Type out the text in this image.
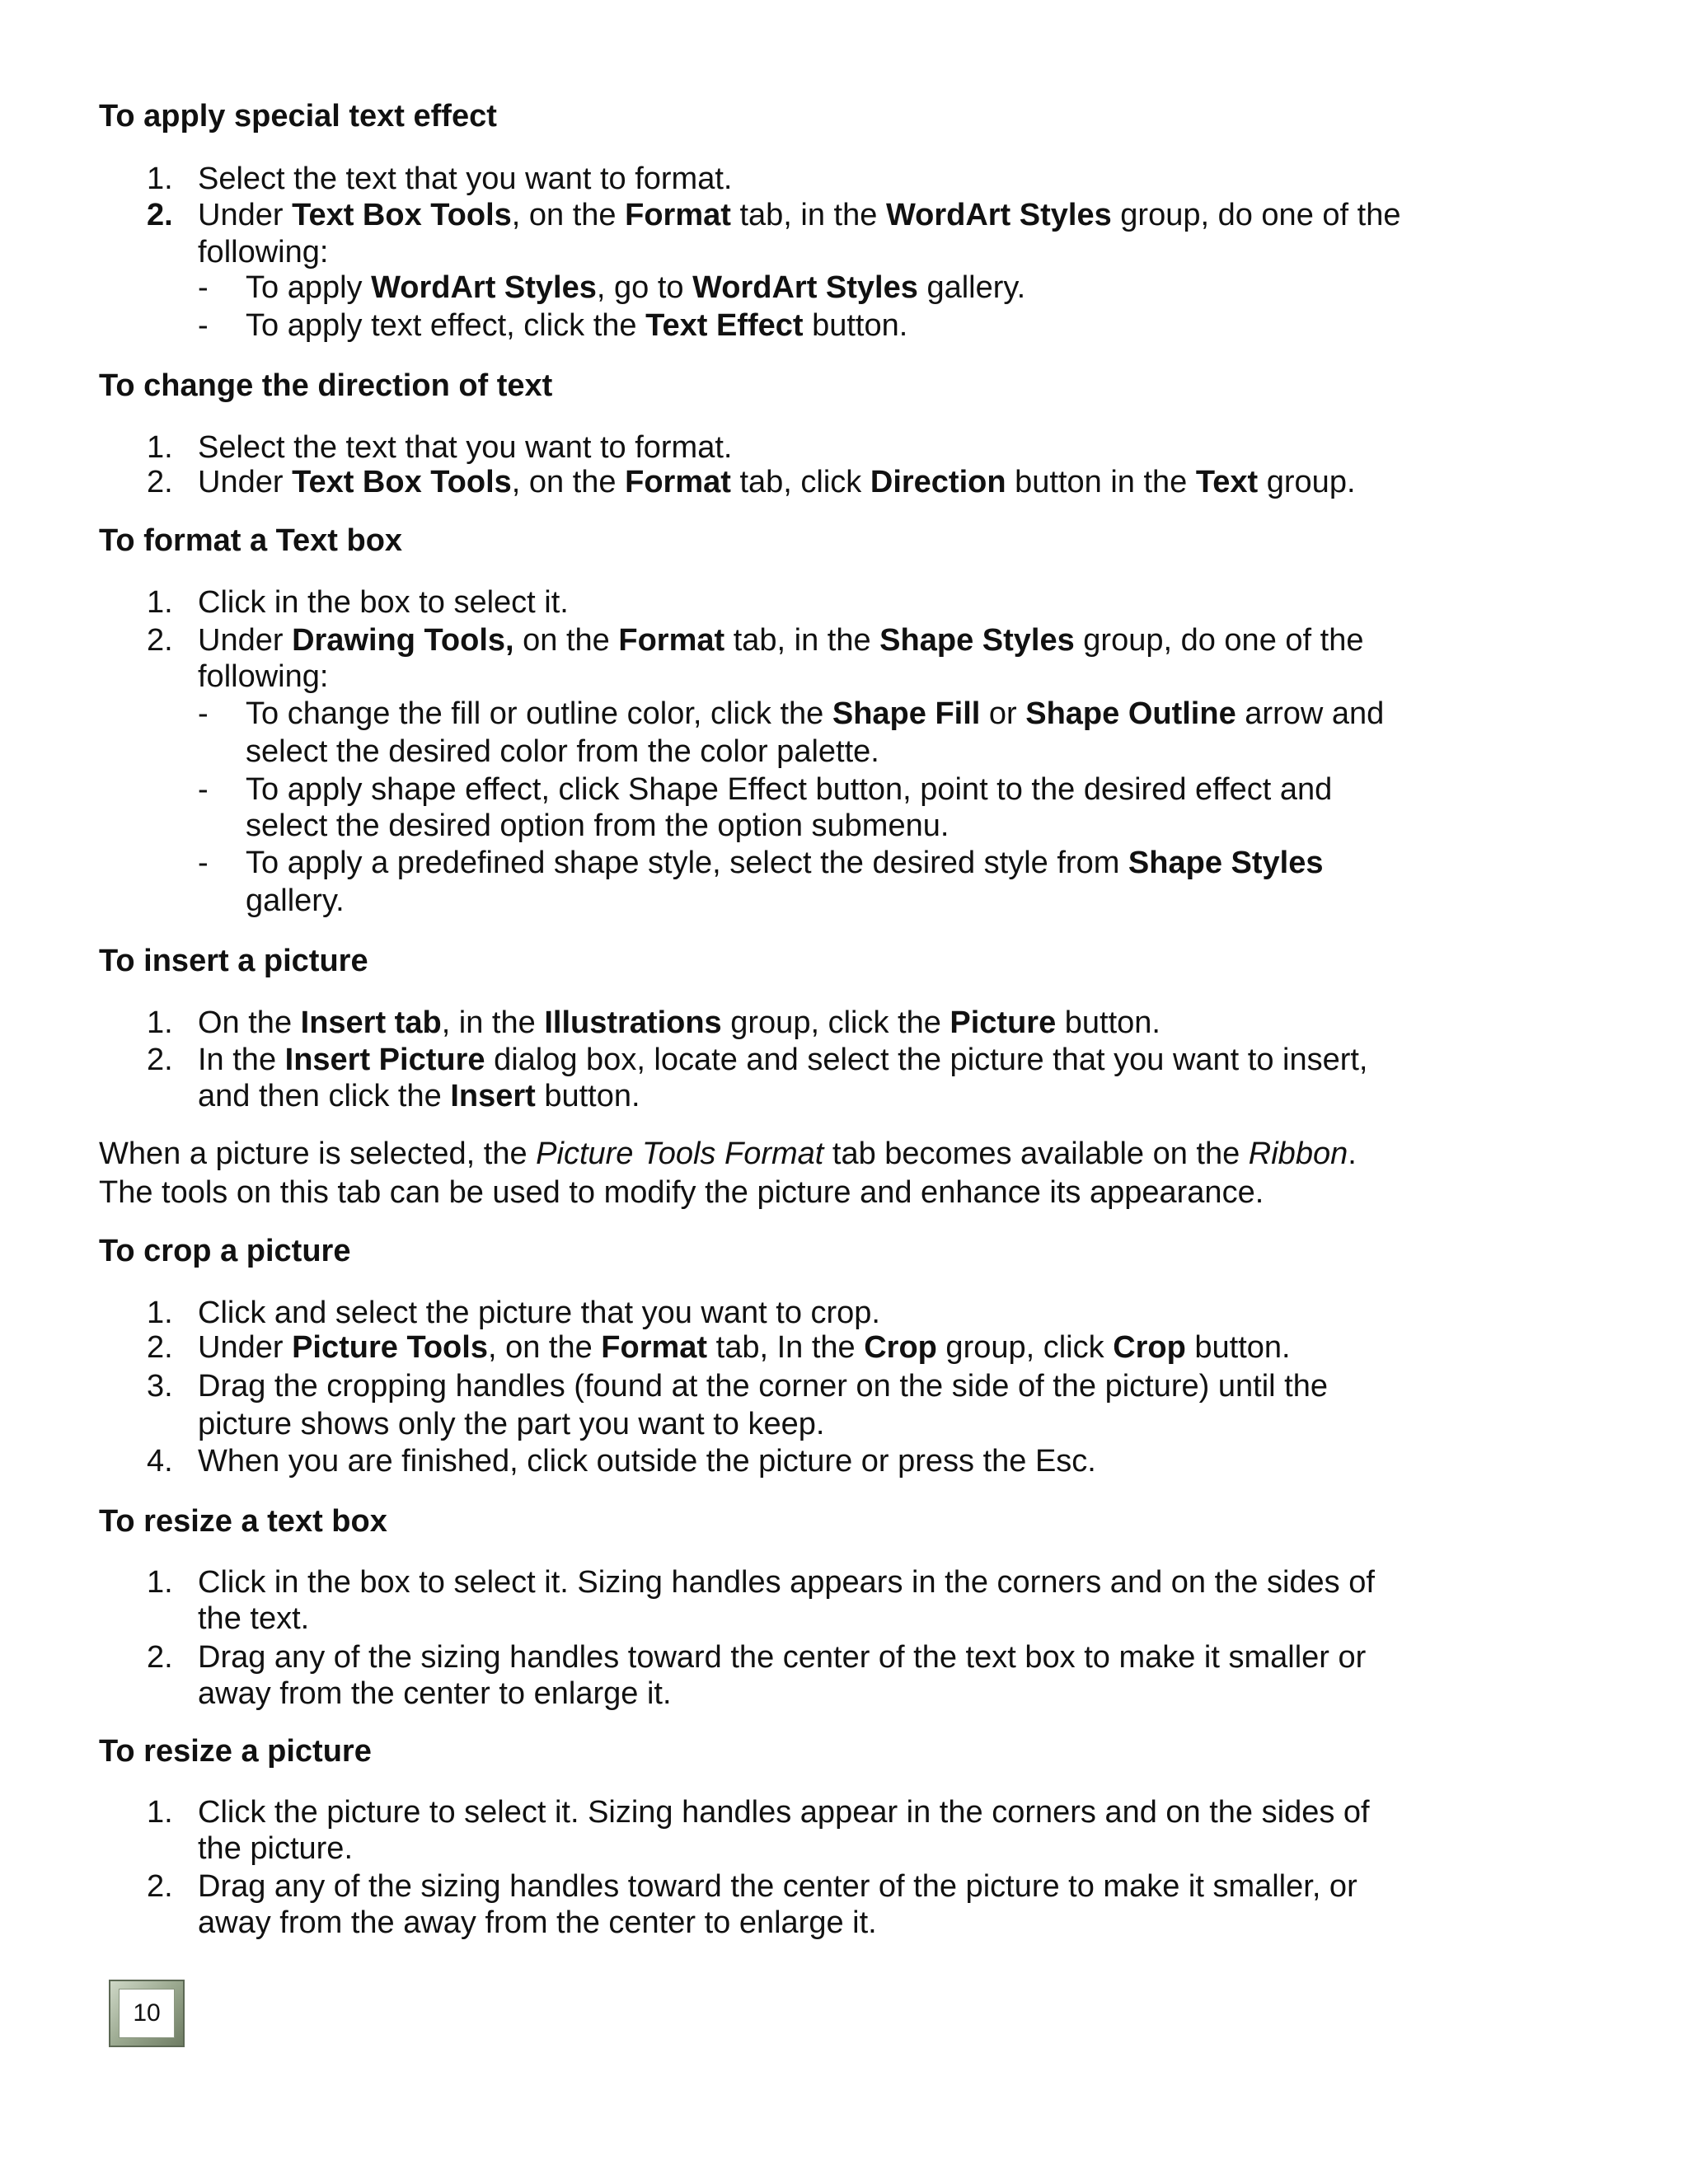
To apply special text effect
1. Select the text that you want to format.
2. Under Text Box Tools, on the Format tab, in the WordArt Styles group, do one of the
following:
- To apply WordArt Styles, go to WordArt Styles gallery.
- To apply text effect, click the Text Effect button.
To change the direction of text
1. Select the text that you want to format.
2. Under Text Box Tools, on the Format tab, click Direction button in the Text group.
To format a Text box
1. Click in the box to select it.
2. Under Drawing Tools, on the Format tab, in the Shape Styles group, do one of the
following:
- To change the fill or outline color, click the Shape Fill or Shape Outline arrow and
select the desired color from the color palette.
- To apply shape effect, click Shape Effect button, point to the desired effect and
select the desired option from the option submenu.
- To apply a predefined shape style, select the desired style from Shape Styles
gallery.
To insert a picture
1. On the Insert tab, in the Illustrations group, click the Picture button.
2. In the Insert Picture dialog box, locate and select the picture that you want to insert,
and then click the Insert button.
When a picture is selected, the Picture Tools Format tab becomes available on the Ribbon.
The tools on this tab can be used to modify the picture and enhance its appearance.
To crop a picture
1. Click and select the picture that you want to crop.
2. Under Picture Tools, on the Format tab, In the Crop group, click Crop button.
3. Drag the cropping handles (found at the corner on the side of the picture) until the
picture shows only the part you want to keep.
4. When you are finished, click outside the picture or press the Esc.
To resize a text box
1. Click in the box to select it. Sizing handles appears in the corners and on the sides of
the text.
2. Drag any of the sizing handles toward the center of the text box to make it smaller or
away from the center to enlarge it.
To resize a picture
1. Click the picture to select it. Sizing handles appear in the corners and on the sides of
the picture.
2. Drag any of the sizing handles toward the center of the picture to make it smaller, or
away from the away from the center to enlarge it.
10
